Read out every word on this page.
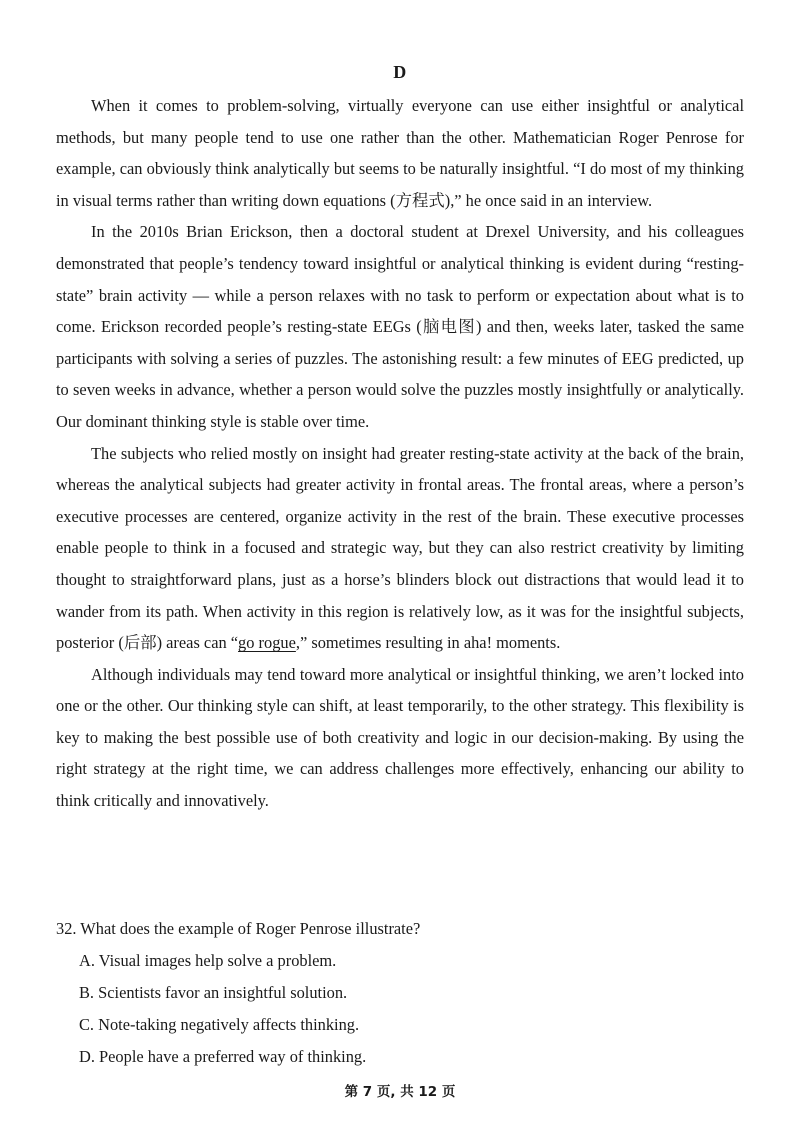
D

When it comes to problem-solving, virtually everyone can use either insightful or analytical methods, but many people tend to use one rather than the other. Mathematician Roger Penrose for example, can obviously think analytically but seems to be naturally insightful. “I do most of my thinking in visual terms rather than writing down equations (方程式),” he once said in an interview.

In the 2010s Brian Erickson, then a doctoral student at Drexel University, and his colleagues demonstrated that people’s tendency toward insightful or analytical thinking is evident during “resting-state” brain activity — while a person relaxes with no task to perform or expectation about what is to come. Erickson recorded people’s resting-state EEGs (脑电图) and then, weeks later, tasked the same participants with solving a series of puzzles. The astonishing result: a few minutes of EEG predicted, up to seven weeks in advance, whether a person would solve the puzzles mostly insightfully or analytically. Our dominant thinking style is stable over time.

The subjects who relied mostly on insight had greater resting-state activity at the back of the brain, whereas the analytical subjects had greater activity in frontal areas. The frontal areas, where a person’s executive processes are centered, organize activity in the rest of the brain. These executive processes enable people to think in a focused and strategic way, but they can also restrict creativity by limiting thought to straightforward plans, just as a horse’s blinders block out distractions that would lead it to wander from its path. When activity in this region is relatively low, as it was for the insightful subjects, posterior (后部) areas can “go rogue,” sometimes resulting in aha! moments.

Although individuals may tend toward more analytical or insightful thinking, we aren’t locked into one or the other. Our thinking style can shift, at least temporarily, to the other strategy. This flexibility is key to making the best possible use of both creativity and logic in our decision-making. By using the right strategy at the right time, we can address challenges more effectively, enhancing our ability to think critically and innovatively.

32. What does the example of Roger Penrose illustrate?

A. Visual images help solve a problem.
B. Scientists favor an insightful solution.
C. Note-taking negatively affects thinking.
D. People have a preferred way of thinking.
第 7 页, 共 12 页
